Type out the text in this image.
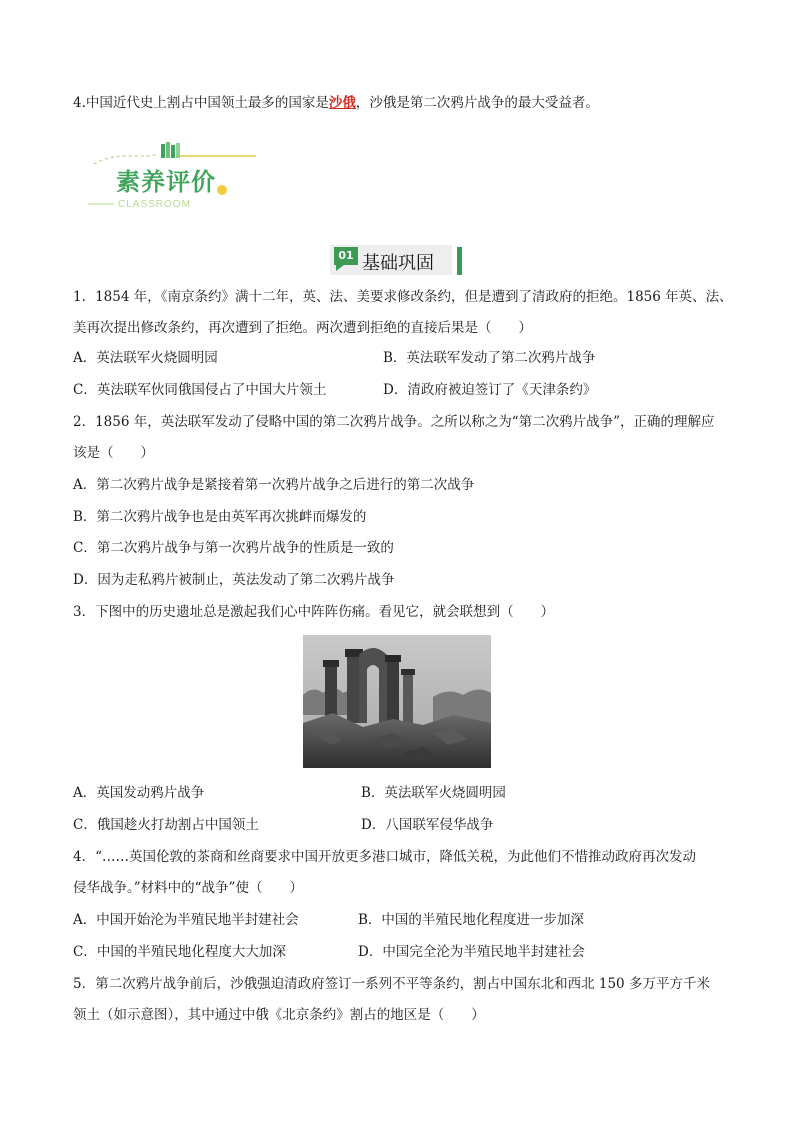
4.中国近代史上割占中国领土最多的国家是沙俄，沙俄是第二次鸦片战争的最大受益者。
素养评价
CLASSROOM
01 基础巩固
1．1854 年，《南京条约》满十二年，英、法、美要求修改条约，但是遭到了清政府的拒绝。1856 年英、法、
美再次提出修改条约，再次遭到了拒绝。两次遭到拒绝的直接后果是（　　）
A．英法联军火烧圆明园	B．英法联军发动了第二次鸦片战争
C．英法联军伙同俄国侵占了中国大片领土	D．清政府被迫签订了《天津条约》
2．1856 年，英法联军发动了侵略中国的第二次鸦片战争。之所以称之为“第二次鸦片战争”，正确的理解应
该是（　　）
A．第二次鸦片战争是紧接着第一次鸦片战争之后进行的第二次战争
B．第二次鸦片战争也是由英军再次挑衅而爆发的
C．第二次鸦片战争与第一次鸦片战争的性质是一致的
D．因为走私鸦片被制止，英法发动了第二次鸦片战争
3．下图中的历史遗址总是激起我们心中阵阵伤痛。看见它，就会联想到（　　）
A．英国发动鸦片战争	B．英法联军火烧圆明园
C．俄国趁火打劫割占中国领土	D．八国联军侵华战争
4．“……英国伦敦的茶商和丝商要求中国开放更多港口城市，降低关税，为此他们不惜推动政府再次发动
侵华战争。”材料中的“战争”使（　　）
A．中国开始沦为半殖民地半封建社会	B．中国的半殖民地化程度进一步加深
C．中国的半殖民地化程度大大加深	D．中国完全沦为半殖民地半封建社会
5．第二次鸦片战争前后，沙俄强迫清政府签订一系列不平等条约，割占中国东北和西北 150 多万平方千米
领土（如示意图），其中通过中俄《北京条约》割占的地区是（　　）
